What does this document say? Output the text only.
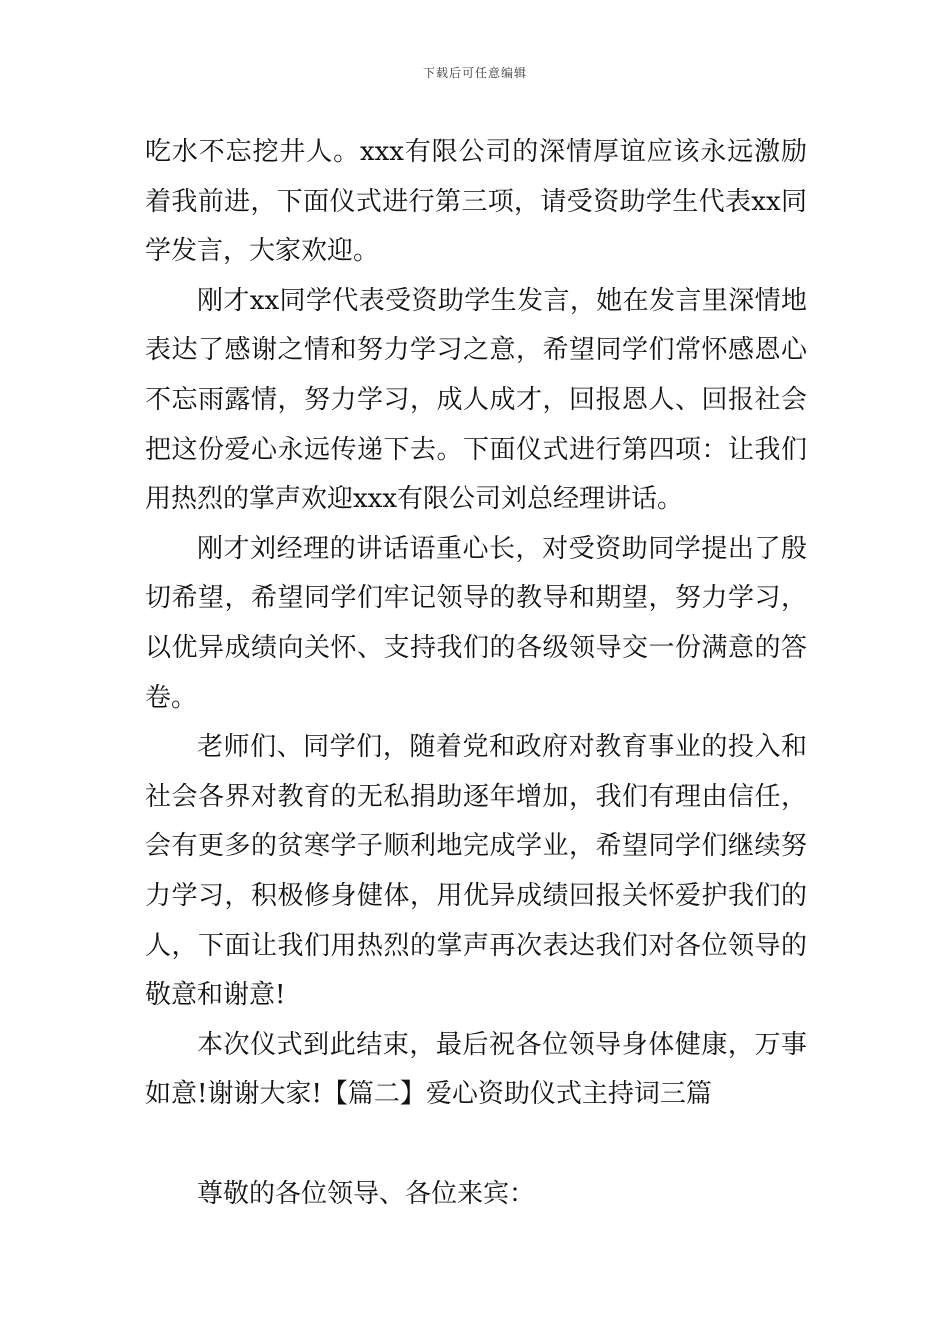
下载后可任意编辑

吃水不忘挖井人。xxx有限公司的深情厚谊应该永远激励着我前进，下面仪式进行第三项，请受资助学生代表xx同学发言，大家欢迎。

刚才xx同学代表受资助学生发言，她在发言里深情地表达了感谢之情和努力学习之意，希望同学们常怀感恩心不忘雨露情，努力学习，成人成才，回报恩人、回报社会把这份爱心永远传递下去。下面仪式进行第四项：让我们用热烈的掌声欢迎xxx有限公司刘总经理讲话。

刚才刘经理的讲话语重心长，对受资助同学提出了殷切希望，希望同学们牢记领导的教导和期望，努力学习，以优异成绩向关怀、支持我们的各级领导交一份满意的答卷。

老师们、同学们，随着党和政府对教育事业的投入和社会各界对教育的无私捐助逐年增加，我们有理由信任，会有更多的贫寒学子顺利地完成学业，希望同学们继续努力学习，积极修身健体，用优异成绩回报关怀爱护我们的人，下面让我们用热烈的掌声再次表达我们对各位领导的敬意和谢意!

本次仪式到此结束，最后祝各位领导身体健康，万事如意!谢谢大家!【篇二】爱心资助仪式主持词三篇

尊敬的各位领导、各位来宾：
